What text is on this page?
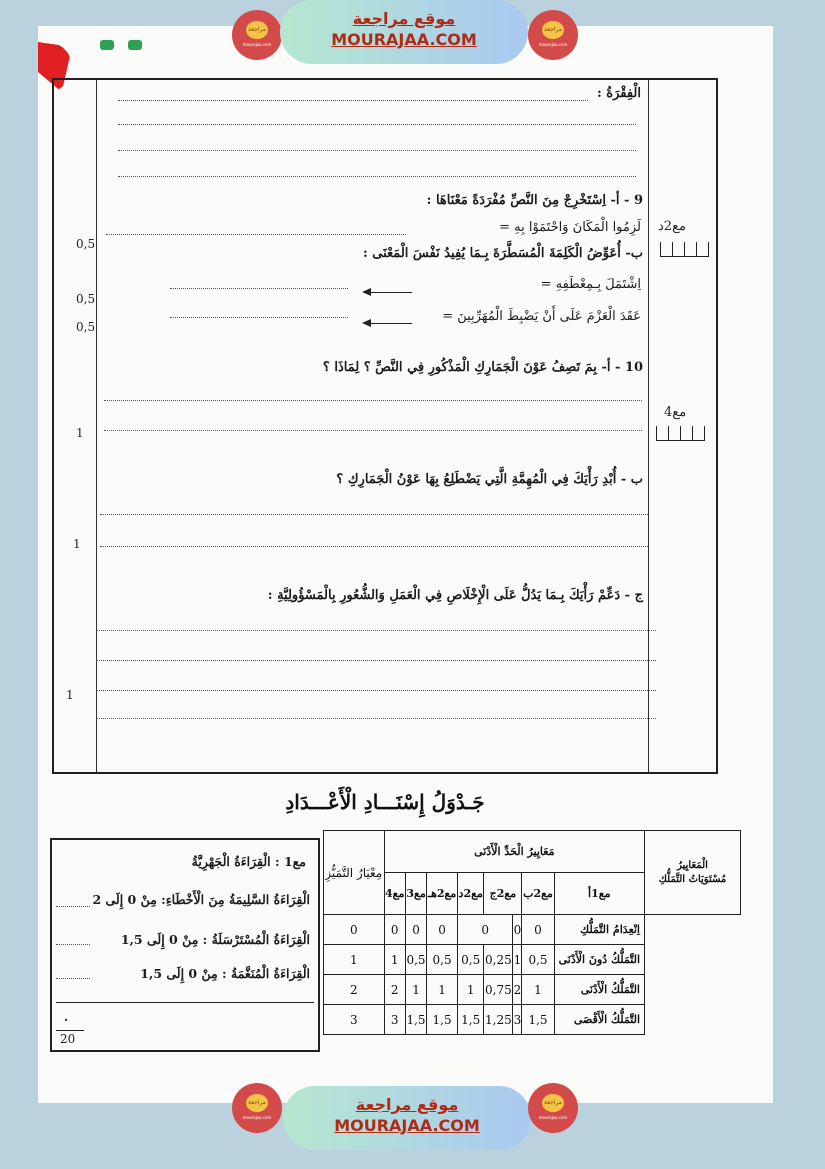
مراجعة
mourajaa.com
موقع مراجعة
MOURAJAA.COM
مراجعة
mourajaa.com
الْفِقْرَةُ :
9 - أ- اِسْتَخْرِجْ مِنَ النَّصِّ مُفْرَدَةً مَعْنَاهَا :
لَزِمُوا الْمَكَانَ وَاحْتَمَوْا بِهِ =
ب- أُعَوِّضُ الْكَلِمَةَ الْمُسَطَّرَةَ بِـمَا يُفِيدُ نَفْسَ الْمَعْنَى :
اِشْتَمَلَ بِـمِعْطَفِهِ =
عَقَدَ الْعَزْمَ عَلَى أَنْ يَضْبِطَ الْمُهَرِّبِينَ =
10 - أ- بِمَ تَصِفُ عَوْنَ الْجَمَارِكِ الْمَذْكُورِ فِي النَّصِّ ؟ لِمَاذَا ؟
ب - أُبْدِ رَأْيَكَ فِي الْمُهِمَّةِ الَّتِي يَضْطَلِعُ بِهَا عَوْنُ الْجَمَارِكِ ؟
ج - دَعِّمْ رَأْيَكَ بِـمَا يَدُلُّ عَلَى الْإِخْلَاصِ فِي الْعَمَلِ وَالشُّعُورِ بِالْمَسْؤُولِيَّةِ :
مع2د
مع4
0,5
0,5
0,5
1
1
1
جَـدْوَلُ إِسْنَـــادِ الْأَعْـــدَادِ
مع1 : الْقِرَاءَةُ الْجَهْرِيَّةُ
الْقِرَاءَةُ السَّلِيمَةُ مِنَ الْأَخْطَاءِ: مِنْ 0 إِلَى 2
الْقِرَاءَةُ الْمُسْتَرْسَلَةُ : مِنْ 0 إِلَى 1,5
الْقِرَاءَةُ الْمُنَغَّمَةُ : مِنْ 0 إِلَى 1,5
.
20
مِعْيَارُ التَّمَيُّزِ	مَعَايِيرُ الْحَدِّ الْأَدْنَى								الْمَعَايِيرُ
مُسْتَوَيَاتُ التَّمَلُّكِ

	مع4	مع3	مع2هـ	مع2د	مع2ج		مع2ب	مع1أ	
0	0	0	0	0		0	0	اِنْعِدَامُ التَّمَلُّكِ	
1	1	0,5	0,5	0,5	0,25	1	0,5	التَّمَلُّكُ دُونَ الْأَدْنَى	
2	2	1	1	1	0,75	2	1	التَّمَلُّكُ الْأَدْنَى	
3	3	1,5	1,5	1,5	1,25	3	1,5	التَّمَلُّكُ الْأَقْصَى	
مراجعة
mourajaa.com
موقع مراجعة
MOURAJAA.COM
مراجعة
mourajaa.com
